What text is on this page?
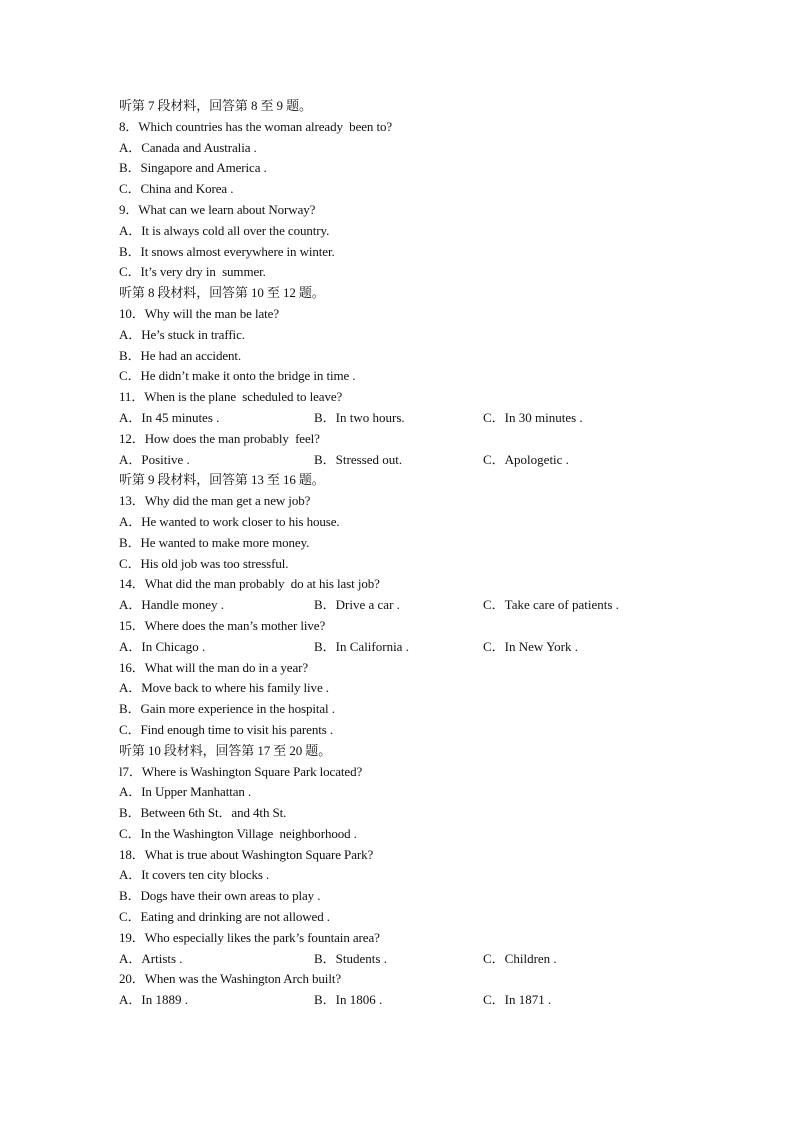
听第 7 段材料，回答第 8 至 9 题。
8．Which countries has the woman already  been to?
A．Canada and Australia .
B．Singapore and America .
C．China and Korea .
9．What can we learn about Norway?
A．It is always cold all over the country.
B．It snows almost everywhere in winter.
C．It’s very dry in  summer.
听第 8 段材料，回答第 10 至 12 题。
10．Why will the man be late?
A．He’s stuck in traffic.
B．He had an accident.
C．He didn’t make it onto the bridge in time .
11．When is the plane  scheduled to leave?
A．In 45 minutes .	B．In two hours.	C．In 30 minutes .
12．How does the man probably  feel?
A．Positive .	B．Stressed out.	C．Apologetic .
听第 9 段材料，回答第 13 至 16 题。
13．Why did the man get a new job?
A．He wanted to work closer to his house.
B．He wanted to make more money.
C．His old job was too stressful.
14．What did the man probably  do at his last job?
A．Handle money .	B．Drive a car .	C．Take care of patients .
15．Where does the man’s mother live?
A．In Chicago .	B．In California .	C．In New York .
16．What will the man do in a year?
A．Move back to where his family live .
B．Gain more experience in the hospital .
C．Find enough time to visit his parents .
听第 10 段材料，回答第 17 至 20 题。
l7．Where is Washington Square Park located?
A．In Upper Manhattan .
B．Between 6th St．and 4th St.
C．In the Washington Village  neighborhood .
18．What is true about Washington Square Park?
A．It covers ten city blocks .
B．Dogs have their own areas to play .
C．Eating and drinking are not allowed .
19．Who especially likes the park’s fountain area?
A．Artists .	B．Students .	C．Children .
20．When was the Washington Arch built?
A．In 1889 .	B．In 1806 .	C．In 1871 .
